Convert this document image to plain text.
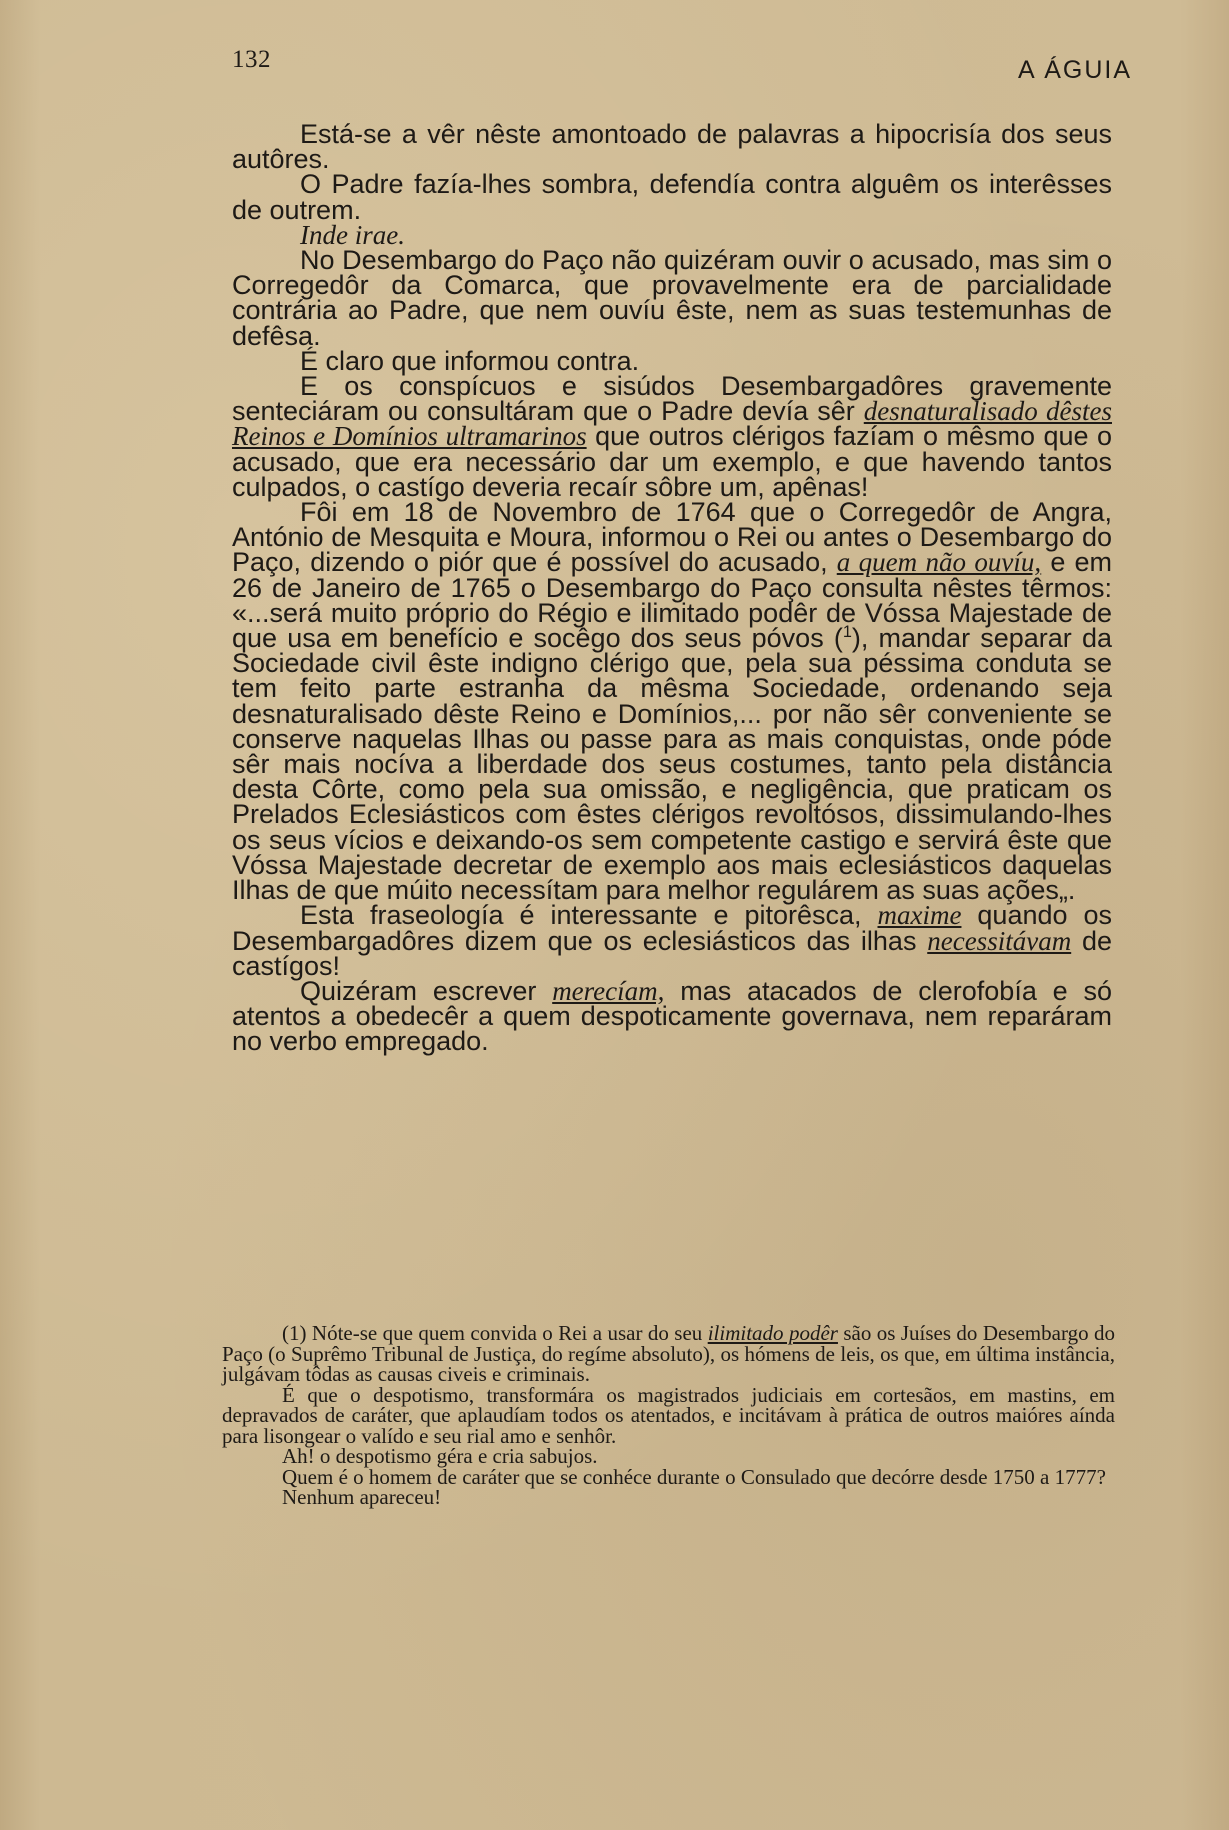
132	A ÁGUIA

Está-se a vêr nêste amontoado de palavras a hipocrisía dos seus autôres.

O Padre fazía-lhes sombra, defendía contra alguêm os interêsses de outrem.

Inde irae.

No Desembargo do Paço não quizéram ouvir o acusado, mas sim o Corregedôr da Comarca, que provavelmente era de parcialidade contrária ao Padre, que nem ouvíu êste, nem as suas testemunhas de defêsa.

É claro que informou contra.

E os conspícuos e sisúdos Desembargadôres gravemente senteciáram ou consultáram que o Padre devía sêr desnaturalisado dêstes Reinos e Domínios ultramarinos que outros clérigos fazíam o mêsmo que o acusado, que era necessário dar um exemplo, e que havendo tantos culpados, o castígo deveria recaír sôbre um, apênas!

Fôi em 18 de Novembro de 1764 que o Corregedôr de Angra, António de Mesquita e Moura, informou o Rei ou antes o Desembargo do Paço, dizendo o piór que é possível do acusado, a quem não ouvíu, e em 26 de Janeiro de 1765 o Desembargo do Paço consulta nêstes têrmos: «...será muito próprio do Régio e ilimitado podêr de Vóssa Majestade de que usa em benefício e socêgo dos seus póvos ($^1$), mandar separar da Sociedade civil êste indigno clérigo que, pela sua péssima conduta se tem feito parte estranha da mêsma Sociedade, ordenando seja desnaturalisado dêste Reino e Domínios,... por não sêr conveniente se conserve naquelas Ilhas ou passe para as mais conquistas, onde póde sêr mais nocíva a liberdade dos seus costumes, tanto pela distância desta Côrte, como pela sua omissão, e negligência, que praticam os Prelados Eclesiásticos com êstes clérigos revoltósos, dissimulando-lhes os seus vícios e deixando-os sem competente castigo e servirá êste que Vóssa Majestade decretar de exemplo aos mais eclesiásticos daquelas Ilhas de que múito necessítam para melhor regulárem as suas ações„.

Esta fraseología é interessante e pitorêsca, maxime quando os Desembargadôres dizem que os eclesiásticos das ilhas necessitávam de castígos!

Quizéram escrever merecíam, mas atacados de clerofobía e só atentos a obedecêr a quem despoticamente governava, nem reparáram no verbo empregado.

(1) Nóte-se que quem convida o Rei a usar do seu ilimitado podêr são os Juíses do Desembargo do Paço (o Suprêmo Tribunal de Justiça, do regíme absoluto), os hómens de leis, os que, em última instância, julgávam tôdas as causas civeis e criminais.

É que o despotismo, transformára os magistrados judiciais em cortesãos, em mastins, em depravados de caráter, que aplaudíam todos os atentados, e incitávam à prática de outros maióres aínda para lisongear o valído e seu rial amo e senhôr.

Ah! o despotismo géra e cria sabujos.

Quem é o homem de caráter que se conhéce durante o Consulado que decórre desde 1750 a 1777?

Nenhum apareceu!
